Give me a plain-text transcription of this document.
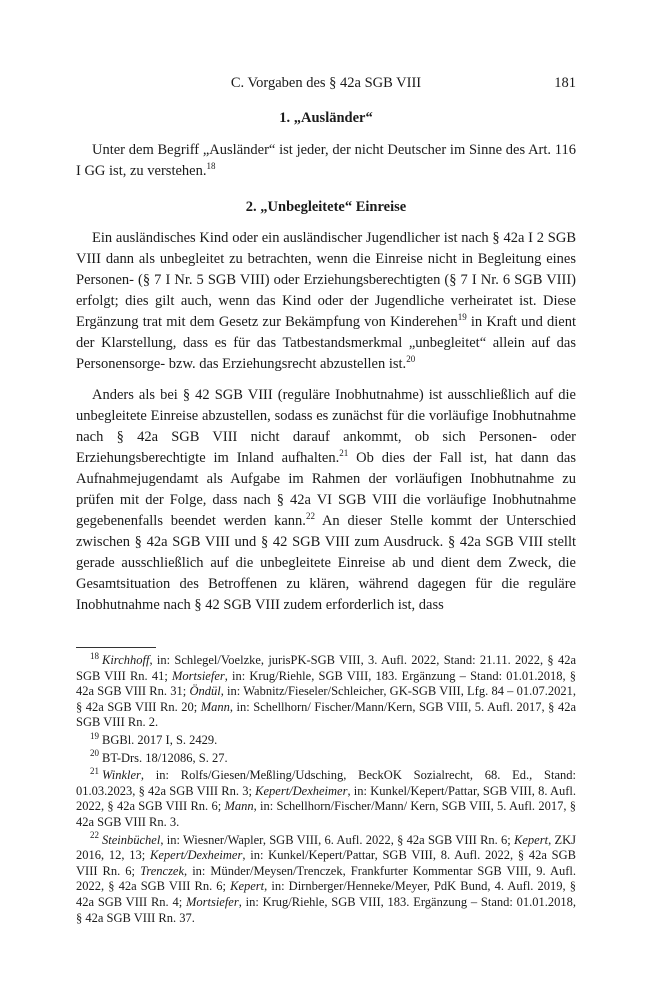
C. Vorgaben des § 42a SGB VIII	181
1. „Ausländer“

Unter dem Begriff „Ausländer“ ist jeder, der nicht Deutscher im Sinne des Art. 116 I GG ist, zu verstehen.$^{18}$

2. „Unbegleitete“ Einreise

Ein ausländisches Kind oder ein ausländischer Jugendlicher ist nach § 42a I 2 SGB VIII dann als unbegleitet zu betrachten, wenn die Einreise nicht in Begleitung eines Personen- (§ 7 I Nr. 5 SGB VIII) oder Erziehungsberechtigten (§ 7 I Nr. 6 SGB VIII) erfolgt; dies gilt auch, wenn das Kind oder der Jugendliche verheiratet ist. Diese Ergänzung trat mit dem Gesetz zur Bekämpfung von Kinderehen$^{19}$ in Kraft und dient der Klarstellung, dass es für das Tatbestandsmerkmal „unbegleitet“ allein auf das Personensorge- bzw. das Erziehungsrecht abzustellen ist.$^{20}$

Anders als bei § 42 SGB VIII (reguläre Inobhutnahme) ist ausschließlich auf die unbegleitete Einreise abzustellen, sodass es zunächst für die vorläufige Inobhutnahme nach § 42a SGB VIII nicht darauf ankommt, ob sich Personen- oder Erziehungsberechtigte im Inland aufhalten.$^{21}$ Ob dies der Fall ist, hat dann das Aufnahmejugendamt als Aufgabe im Rahmen der vorläufigen Inobhutnahme zu prüfen mit der Folge, dass nach § 42a VI SGB VIII die vorläufige Inobhutnahme gegebenenfalls beendet werden kann.$^{22}$ An dieser Stelle kommt der Unterschied zwischen § 42a SGB VIII und § 42 SGB VIII zum Ausdruck. § 42a SGB VIII stellt gerade ausschließlich auf die unbegleitete Einreise ab und dient dem Zweck, die Gesamtsituation des Betroffenen zu klären, während dagegen für die reguläre Inobhutnahme nach § 42 SGB VIII zudem erforderlich ist, dass

$^{18}$ Kirchhoff, in: Schlegel/Voelzke, jurisPK-SGB VIII, 3. Aufl. 2022, Stand: 21.11. 2022, § 42a SGB VIII Rn. 41; Mortsiefer, in: Krug/Riehle, SGB VIII, 183. Ergänzung – Stand: 01.01.2018, § 42a SGB VIII Rn. 31; Öndül, in: Wabnitz/Fieseler/Schleicher, GK-SGB VIII, Lfg. 84 – 01.07.2021, § 42a SGB VIII Rn. 20; Mann, in: Schellhorn/ Fischer/Mann/Kern, SGB VIII, 5. Aufl. 2017, § 42a SGB VIII Rn. 2.

$^{19}$ BGBl. 2017 I, S. 2429.

$^{20}$ BT-Drs. 18/12086, S. 27.

$^{21}$ Winkler, in: Rolfs/Giesen/Meßling/Udsching, BeckOK Sozialrecht, 68. Ed., Stand: 01.03.2023, § 42a SGB VIII Rn. 3; Kepert/Dexheimer, in: Kunkel/Kepert/Pattar, SGB VIII, 8. Aufl. 2022, § 42a SGB VIII Rn. 6; Mann, in: Schellhorn/Fischer/Mann/ Kern, SGB VIII, 5. Aufl. 2017, § 42a SGB VIII Rn. 3.

$^{22}$ Steinbüchel, in: Wiesner/Wapler, SGB VIII, 6. Aufl. 2022, § 42a SGB VIII Rn. 6; Kepert, ZKJ 2016, 12, 13; Kepert/Dexheimer, in: Kunkel/Kepert/Pattar, SGB VIII, 8. Aufl. 2022, § 42a SGB VIII Rn. 6; Trenczek, in: Münder/Meysen/Trenczek, Frankfurter Kommentar SGB VIII, 9. Aufl. 2022, § 42a SGB VIII Rn. 6; Kepert, in: Dirnberger/Henneke/Meyer, PdK Bund, 4. Aufl. 2019, § 42a SGB VIII Rn. 4; Mortsiefer, in: Krug/Riehle, SGB VIII, 183. Ergänzung – Stand: 01.01.2018, § 42a SGB VIII Rn. 37.
